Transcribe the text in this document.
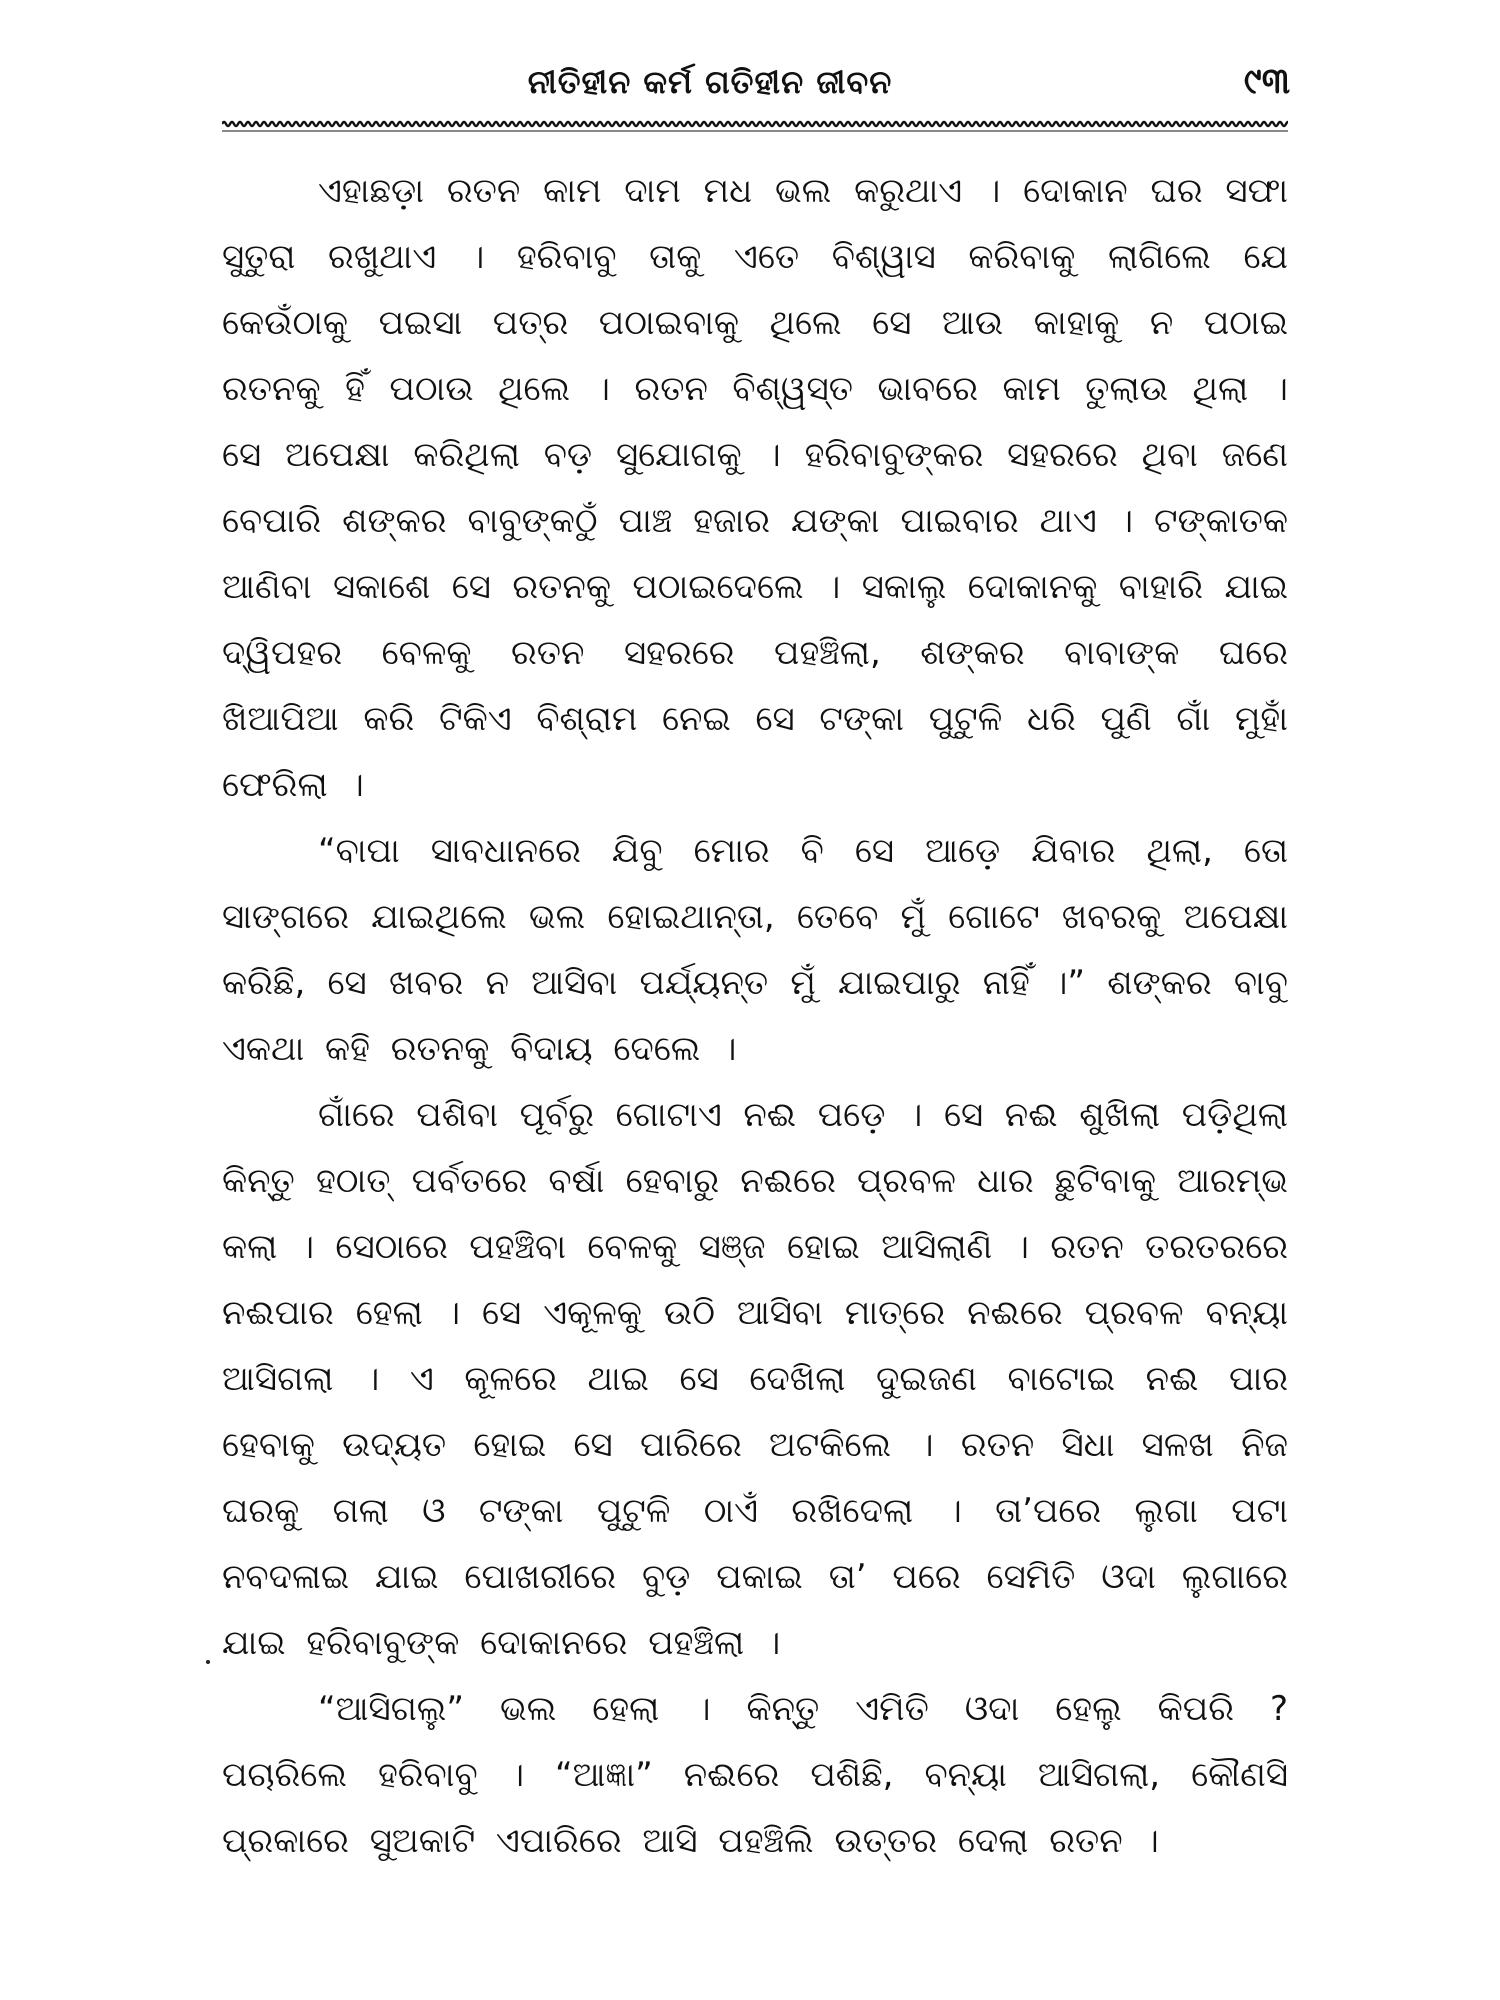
ନୀତିହୀନ କର୍ମ ଗତିହୀନ ଜୀବନ	୯୩

ଏହାଛଡ଼ା ରତନ କାମ ଦାମ ମଧ ଭଲ କରୁଥାଏ । ଦୋକାନ ଘର ସଫା ସୁତୁରା ରଖୁଥାଏ । ହରିବାବୁ ତାକୁ ଏତେ ବିଶ୍ୱାସ କରିବାକୁ ଲାଗିଲେ ଯେ କେଉଁଠାକୁ ପଇସା ପତ୍ର ପଠାଇବାକୁ ଥିଲେ ସେ ଆଉ କାହାକୁ ନ ପଠାଇ ରତନକୁ ହିଁ ପଠାଉ ଥିଲେ । ରତନ ବିଶ୍ୱସ୍ତ ଭାବରେ କାମ ତୁଲାଉ ଥିଲା । ସେ ଅପେକ୍ଷା କରିଥିଲା ବଡ଼ ସୁଯୋଗକୁ । ହରିବାବୁଙ୍କର ସହରରେ ଥିବା ଜଣେ ବେପାରି ଶଙ୍କର ବାବୁଙ୍କଠୁଁ ପାଞ୍ଚ ହଜାର ଯଙ୍କା ପାଇବାର ଥାଏ । ଟଙ୍କାତକ ଆଣିବା ସକାଶେ ସେ ରତନକୁ ପଠାଇଦେଲେ । ସକାଲୁ ଦୋକାନକୁ ବାହାରି ଯାଇ ଦ୍ୱିପହର ବେଳକୁ ରତନ ସହରରେ ପହଞ୍ଚିଲା, ଶଙ୍କର ବାବାଙ୍କ ଘରେ ଖିଆପିଆ କରି ଟିକିଏ ବିଶ୍ରାମ ନେଇ ସେ ଟଙ୍କା ପୁଟୁଳି ଧରି ପୁଣି ଗାଁ ମୁହାଁ ଫେରିଲା ।

“ବାପା ସାବଧାନରେ ଯିବୁ ମୋର ବି ସେ ଆଡ଼େ ଯିବାର ଥିଲା, ତୋ ସାଙ୍ଗରେ ଯାଇଥିଲେ ଭଲ ହୋଇଥାନ୍ତା, ତେବେ ମୁଁ ଗୋଟେ ଖବରକୁ ଅପେକ୍ଷା କରିଛି, ସେ ଖବର ନ ଆସିବା ପର୍ଯ୍ୟନ୍ତ ମୁଁ ଯାଇପାରୁ ନାହିଁ ।” ଶଙ୍କର ବାବୁ ଏକଥା କହି ରତନକୁ ବିଦାୟ ଦେଲେ ।

ଗାଁରେ ପଶିବା ପୂର୍ବରୁ ଗୋଟାଏ ନଈ ପଡ଼େ । ସେ ନଈ ଶୁଖିଲା ପଡ଼ିଥିଲା କିନ୍ତୁ ହଠାତ୍ ପର୍ବତରେ ବର୍ଷା ହେବାରୁ ନଈରେ ପ୍ରବଳ ଧାର ଛୁଟିବାକୁ ଆରମ୍ଭ କଲା । ସେଠାରେ ପହଞ୍ଚିବା ବେଳକୁ ସଞ୍ଜ ହୋଇ ଆସିଲାଣି । ରତନ ତରତରରେ ନଈପାର ହେଲା । ସେ ଏକୂଳକୁ ଉଠି ଆସିବା ମାତ୍ରେ ନଈରେ ପ୍ରବଳ ବନ୍ୟା ଆସିଗଲା । ଏ କୂଳରେ ଥାଇ ସେ ଦେଖିଲା ଦୁଇଜଣ ବାଟୋଇ ନଈ ପାର ହେବାକୁ ଉଦ୍ୟତ ହୋଇ ସେ ପାରିରେ ଅଟକିଲେ । ରତନ ସିଧା ସଳଖ ନିଜ ଘରକୁ ଗଲା ଓ ଟଙ୍କା ପୁଟୁଳି ଠାଏଁ ରଖିଦେଲା । ତା’ପରେ ଲୁଗା ପଟା ନବଦଳାଇ ଯାଇ ପୋଖରୀରେ ବୁଡ଼ ପକାଇ ତା’ ପରେ ସେମିତି ଓଦା ଲୁଗାରେ ଯାଇ ହରିବାବୁଙ୍କ ଦୋକାନରେ ପହଞ୍ଚିଲା ।

“ଆସିଗଲୁ” ଭଲ ହେଲା । କିନ୍ତୁ ଏମିତି ଓଦା ହେଲୁ କିପରି ? ପଚାରିଲେ ହରିବାବୁ । “ଆଜ୍ଞା” ନଈରେ ପଶିଛି, ବନ୍ୟା ଆସିଗଲା, କୌଣସି ପ୍ରକାରେ ସୁଅକାଟି ଏପାରିରେ ଆସି ପହଞ୍ଚିଲି ଉତ୍ତର ଦେଲା ରତନ ।
